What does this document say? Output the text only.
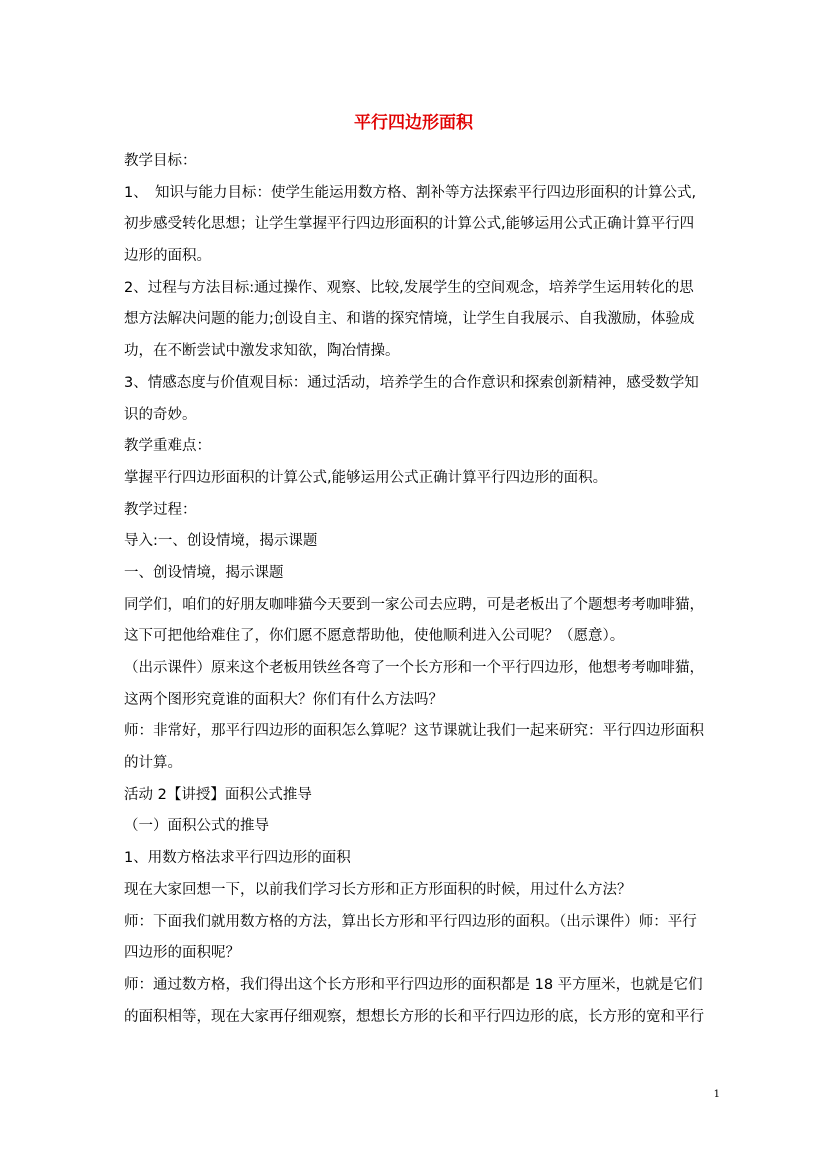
平行四边形面积
教学目标：
1、　知识与能力目标：使学生能运用数方格、割补等方法探索平行四边形面积的计算公式,
初步感受转化思想；让学生掌握平行四边形面积的计算公式,能够运用公式正确计算平行四
边形的面积。
2、过程与方法目标:通过操作、观察、比较,发展学生的空间观念，培养学生运用转化的思
想方法解决问题的能力;创设自主、和谐的探究情境，让学生自我展示、自我激励，体验成
功，在不断尝试中激发求知欲，陶冶情操。
3、情感态度与价值观目标：通过活动，培养学生的合作意识和探索创新精神，感受数学知
识的奇妙。
教学重难点：
掌握平行四边形面积的计算公式,能够运用公式正确计算平行四边形的面积。
教学过程：
导入:一、创设情境，揭示课题
一、创设情境，揭示课题
同学们，咱们的好朋友咖啡猫今天要到一家公司去应聘，可是老板出了个题想考考咖啡猫，
这下可把他给难住了，你们愿不愿意帮助他，使他顺利进入公司呢？（愿意）。
（出示课件）原来这个老板用铁丝各弯了一个长方形和一个平行四边形，他想考考咖啡猫，
这两个图形究竟谁的面积大？你们有什么方法吗？
师：非常好，那平行四边形的面积怎么算呢？这节课就让我们一起来研究：平行四边形面积
的计算。
活动 2【讲授】面积公式推导
（一）面积公式的推导
1、用数方格法求平行四边形的面积
现在大家回想一下，以前我们学习长方形和正方形面积的时候，用过什么方法？
师：下面我们就用数方格的方法，算出长方形和平行四边形的面积。（出示课件）师：平行
四边形的面积呢？
师：通过数方格，我们得出这个长方形和平行四边形的面积都是 18 平方厘米，也就是它们
的面积相等，现在大家再仔细观察，想想长方形的长和平行四边形的底，长方形的宽和平行
1
